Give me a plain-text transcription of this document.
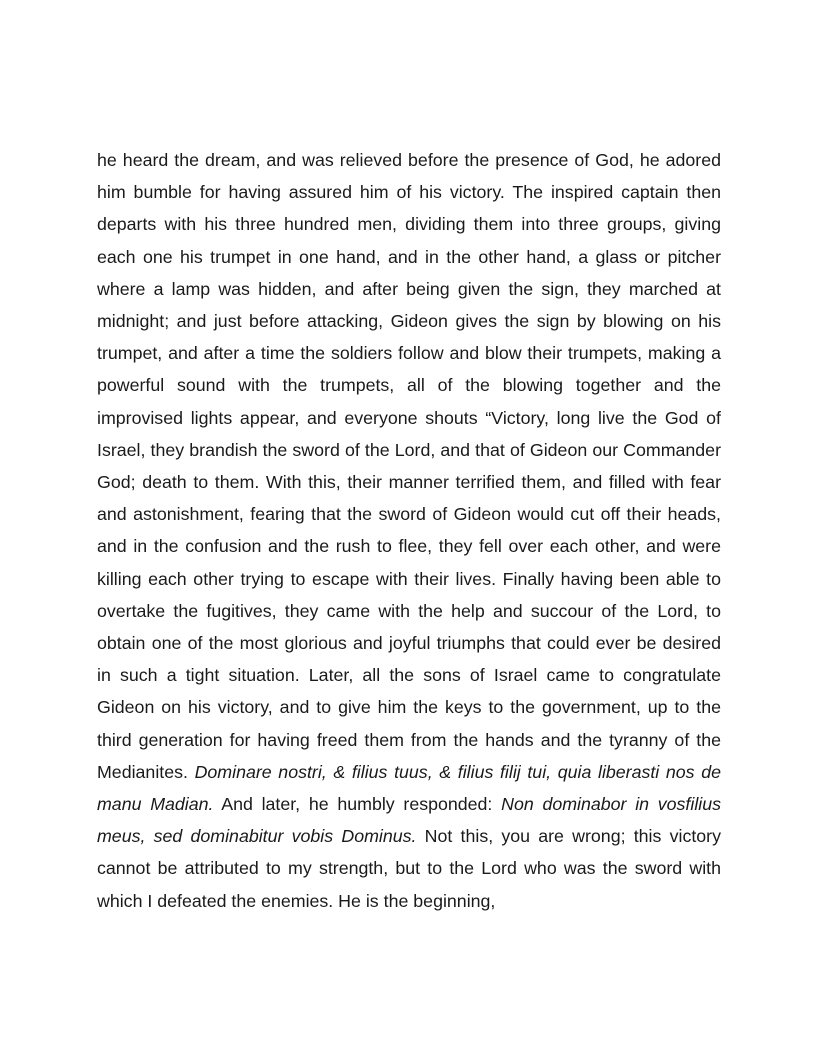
he heard the dream, and was relieved before the presence of God, he adored him bumble for having assured him of his victory. The inspired captain then departs with his three hundred men, dividing them into three groups, giving each one his trumpet in one hand, and in the other hand, a glass or pitcher where a lamp was hidden, and after being given the sign, they marched at midnight; and just before attacking, Gideon gives the sign by blowing on his trumpet, and after a time the soldiers follow and blow their trumpets, making a powerful sound with the trumpets, all of the blowing together and the improvised lights appear, and everyone shouts “Victory, long live the God of Israel, they brandish the sword of the Lord, and that of Gideon our Commander God; death to them. With this, their manner terrified them, and filled with fear and astonishment, fearing that the sword of Gideon would cut off their heads, and in the confusion and the rush to flee, they fell over each other, and were killing each other trying to escape with their lives. Finally having been able to overtake the fugitives, they came with the help and succour of the Lord, to obtain one of the most glorious and joyful triumphs that could ever be desired in such a tight situation. Later, all the sons of Israel came to congratulate Gideon on his victory, and to give him the keys to the government, up to the third generation for having freed them from the hands and the tyranny of the Medianites. Dominare nostri, & filius tuus, & filius filij tui, quia liberasti nos de manu Madian. And later, he humbly responded: Non dominabor in vosfilius meus, sed dominabitur vobis Dominus. Not this, you are wrong; this victory cannot be attributed to my strength, but to the Lord who was the sword with which I defeated the enemies. He is the beginning,
